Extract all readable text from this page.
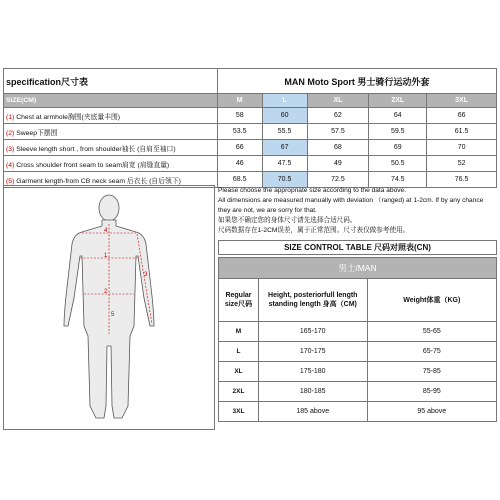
specification尺寸表	MAN Moto Sport 男士骑行运动外套				
SIZE(CM)	M	L	XL	2XL	3XL
(1) Chest at armhole胸围(夹底量丰围)	58	60	62	64	66
(2) Sweep下摆围	53.5	55.5	57.5	59.5	61.5
(3) Sleeve length short , from shoulder袖长 (自肩至袖口)	66	67	68	69	70
(4) Cross shoulder front seam to seam肩宽 (肩缝直量)	46	47.5	49	50.5	52
(5) Garment length-from CB neck seam 后衣长 (自后领下)	68.5	70.5	72.5	74.5	76.5
4
1
2
3
5

Please choose the appropriate size according to the data above.

All dimensions are measured manually with deviation （ranged) at 1-2cm. If by any chance they are not, we are sorry for that.

如果您不确定您的身体尺寸请先选择合适尺码。

尺码数据存在1-2CM误差，属于正常范围。尺寸表仅做参考使用。

SIZE CONTROL TABLE 尺码对照表(CN)
男士/MAN		
Regular size尺码	Height, posteriorfull length standing length 身高（CM)	Weight体重（KG)
M	165-170	55-65
L	170-175	65-75
XL	175-180	75-85
2XL	180-185	85-95
3XL	185 above	95 above
